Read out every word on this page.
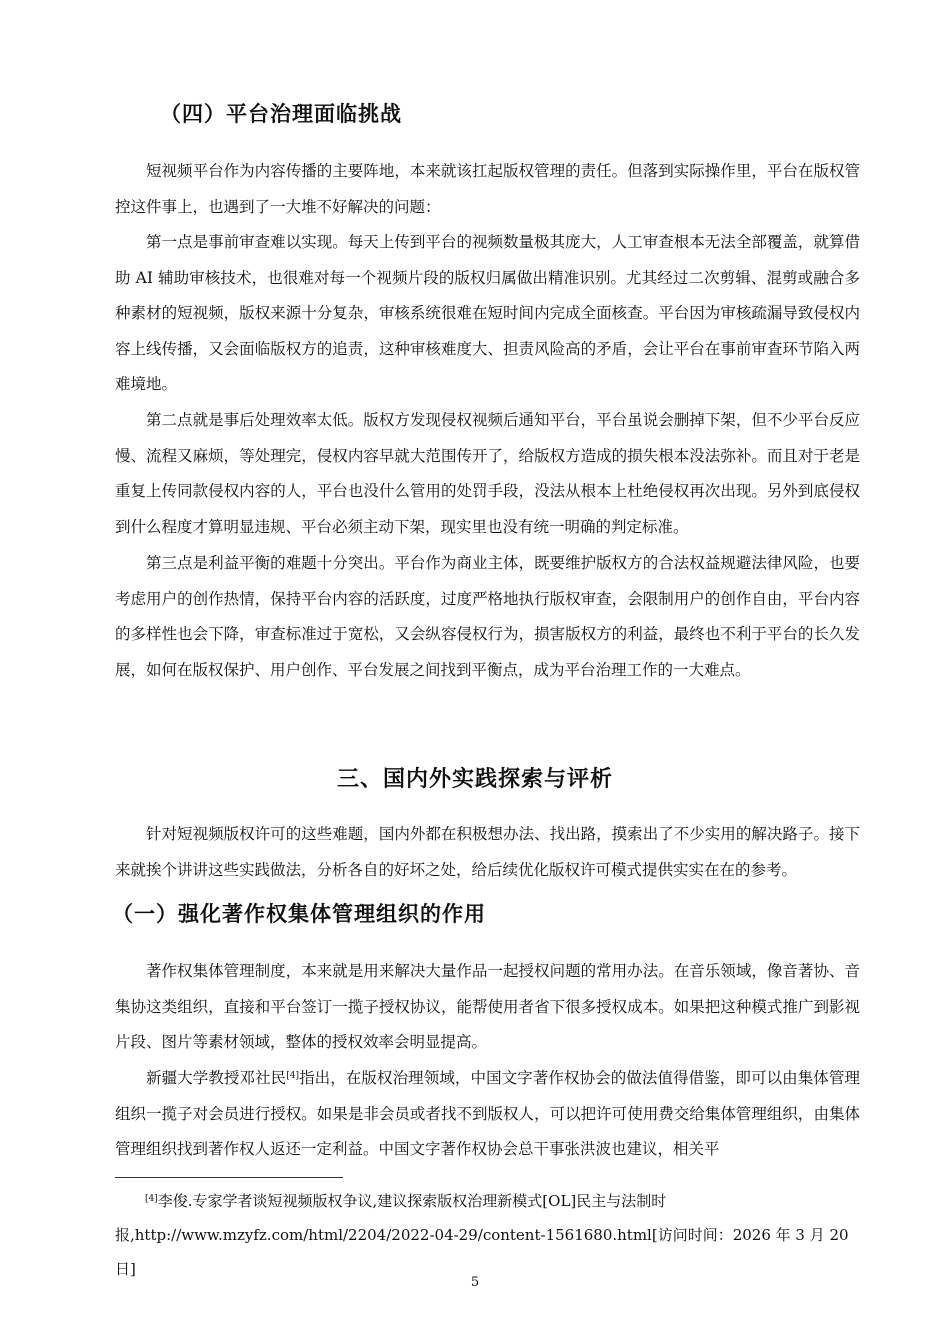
（四）平台治理面临挑战

短视频平台作为内容传播的主要阵地，本来就该扛起版权管理的责任。但落到实际操作里，平台在版权管控这件事上，也遇到了一大堆不好解决的问题：

第一点是事前审查难以实现。每天上传到平台的视频数量极其庞大，人工审查根本无法全部覆盖，就算借助 AI 辅助审核技术，也很难对每一个视频片段的版权归属做出精准识别。尤其经过二次剪辑、混剪或融合多种素材的短视频，版权来源十分复杂，审核系统很难在短时间内完成全面核查。平台因为审核疏漏导致侵权内容上线传播，又会面临版权方的追责，这种审核难度大、担责风险高的矛盾，会让平台在事前审查环节陷入两难境地。

第二点就是事后处理效率太低。版权方发现侵权视频后通知平台，平台虽说会删掉下架，但不少平台反应慢、流程又麻烦，等处理完，侵权内容早就大范围传开了，给版权方造成的损失根本没法弥补。而且对于老是重复上传同款侵权内容的人，平台也没什么管用的处罚手段，没法从根本上杜绝侵权再次出现。另外到底侵权到什么程度才算明显违规、平台必须主动下架，现实里也没有统一明确的判定标准。

第三点是利益平衡的难题十分突出。平台作为商业主体，既要维护版权方的合法权益规避法律风险，也要考虑用户的创作热情，保持平台内容的活跃度，过度严格地执行版权审查，会限制用户的创作自由，平台内容的多样性也会下降，审查标准过于宽松，又会纵容侵权行为，损害版权方的利益，最终也不利于平台的长久发展，如何在版权保护、用户创作、平台发展之间找到平衡点，成为平台治理工作的一大难点。

三、国内外实践探索与评析

针对短视频版权许可的这些难题，国内外都在积极想办法、找出路，摸索出了不少实用的解决路子。接下来就挨个讲讲这些实践做法，分析各自的好坏之处，给后续优化版权许可模式提供实实在在的参考。

（一）强化著作权集体管理组织的作用

著作权集体管理制度，本来就是用来解决大量作品一起授权问题的常用办法。在音乐领域，像音著协、音集协这类组织，直接和平台签订一揽子授权协议，能帮使用者省下很多授权成本。如果把这种模式推广到影视片段、图片等素材领域，整体的授权效率会明显提高。

新疆大学教授邓社民[4]指出，在版权治理领域，中国文字著作权协会的做法值得借鉴，即可以由集体管理组织一揽子对会员进行授权。如果是非会员或者找不到版权人，可以把许可使用费交给集体管理组织，由集体管理组织找到著作权人返还一定利益。中国文字著作权协会总干事张洪波也建议，相关平

[4]李俊.专家学者谈短视频版权争议,建议探索版权治理新模式[OL]民主与法制时报,http://www.mzyfz.com/html/2204/2022-04-29/content-1561680.html[访问时间：2026 年 3 月 20 日]

5
